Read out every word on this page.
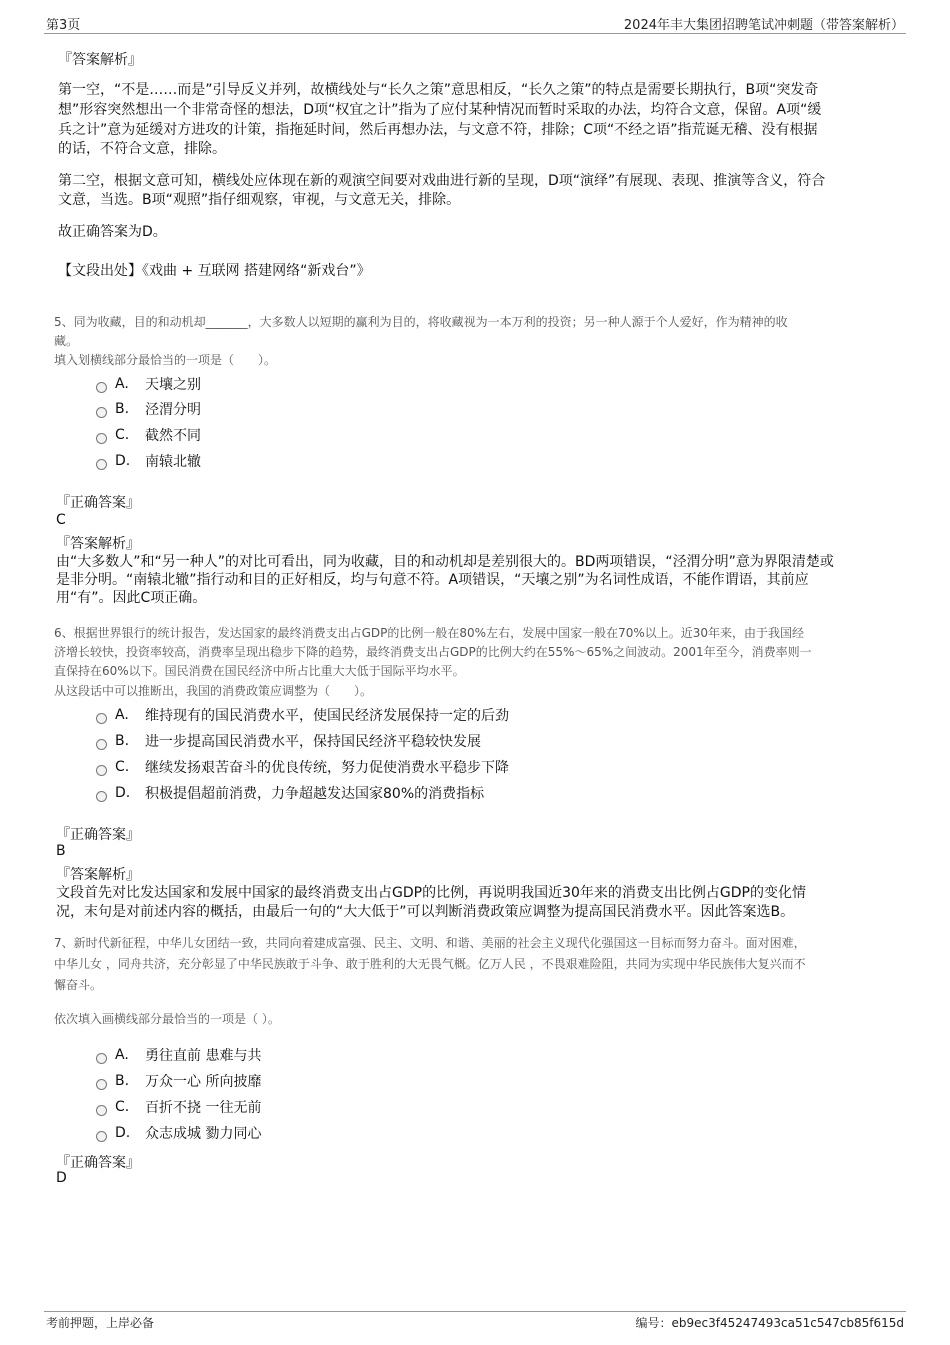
第3页	2024年丰大集团招聘笔试冲刺题（带答案解析）
『答案解析』
第一空，“不是……而是”引导反义并列，故横线处与“长久之策”意思相反，“长久之策”的特点是需要长期执行，B项“突发奇
想”形容突然想出一个非常奇怪的想法，D项“权宜之计”指为了应付某种情况而暂时采取的办法，均符合文意，保留。A项“缓
兵之计”意为延缓对方进攻的计策，指拖延时间，然后再想办法，与文意不符，排除；C项“不经之语”指荒诞无稽、没有根据
的话，不符合文意，排除。
第二空，根据文意可知，横线处应体现在新的观演空间要对戏曲进行新的呈现，D项“演绎”有展现、表现、推演等含义，符合
文意，当选。B项“观照”指仔细观察，审视，与文意无关，排除。
故正确答案为D。
【文段出处】《戏曲 + 互联网 搭建网络“新戏台”》
5、同为收藏，目的和动机却_______，大多数人以短期的赢利为目的，将收藏视为一本万利的投资；另一种人源于个人爱好，作为精神的收
藏。
填入划横线部分最恰当的一项是（　　）。
A.	天壤之别
B.	泾渭分明
C.	截然不同
D.	南辕北辙
『正确答案』
C
『答案解析』
由“大多数人”和“另一种人”的对比可看出，同为收藏，目的和动机却是差别很大的。BD两项错误，“泾渭分明”意为界限清楚或
是非分明。“南辕北辙”指行动和目的正好相反，均与句意不符。A项错误，“天壤之别”为名词性成语，不能作谓语，其前应
用“有”。因此C项正确。
6、根据世界银行的统计报告，发达国家的最终消费支出占GDP的比例一般在80%左右，发展中国家一般在70%以上。近30年来，由于我国经
济增长较快，投资率较高，消费率呈现出稳步下降的趋势，最终消费支出占GDP的比例大约在55%～65%之间波动。2001年至今，消费率则一
直保持在60%以下。国民消费在国民经济中所占比重大大低于国际平均水平。
从这段话中可以推断出，我国的消费政策应调整为（　　）。
A.	维持现有的国民消费水平，使国民经济发展保持一定的后劲
B.	进一步提高国民消费水平，保持国民经济平稳较快发展
C.	继续发扬艰苦奋斗的优良传统，努力促使消费水平稳步下降
D.	积极提倡超前消费，力争超越发达国家80%的消费指标
『正确答案』
B
『答案解析』
文段首先对比发达国家和发展中国家的最终消费支出占GDP的比例，再说明我国近30年来的消费支出比例占GDP的变化情
况，末句是对前述内容的概括，由最后一句的“大大低于”可以判断消费政策应调整为提高国民消费水平。因此答案选B。
7、新时代新征程，中华儿女团结一致，共同向着建成富强、民主、文明、和谐、美丽的社会主义现代化强国这一目标而努力奋斗。面对困难，
中华儿女 ，同舟共济，充分彰显了中华民族敢于斗争、敢于胜利的大无畏气概。亿万人民 ，不畏艰难险阻，共同为实现中华民族伟大复兴而不
懈奋斗。
依次填入画横线部分最恰当的一项是（ ）。
A.	勇往直前 患难与共
B.	万众一心 所向披靡
C.	百折不挠 一往无前
D.	众志成城 勠力同心
『正确答案』
D
考前押题，上岸必备	编号：eb9ec3f45247493ca51c547cb85f615d
